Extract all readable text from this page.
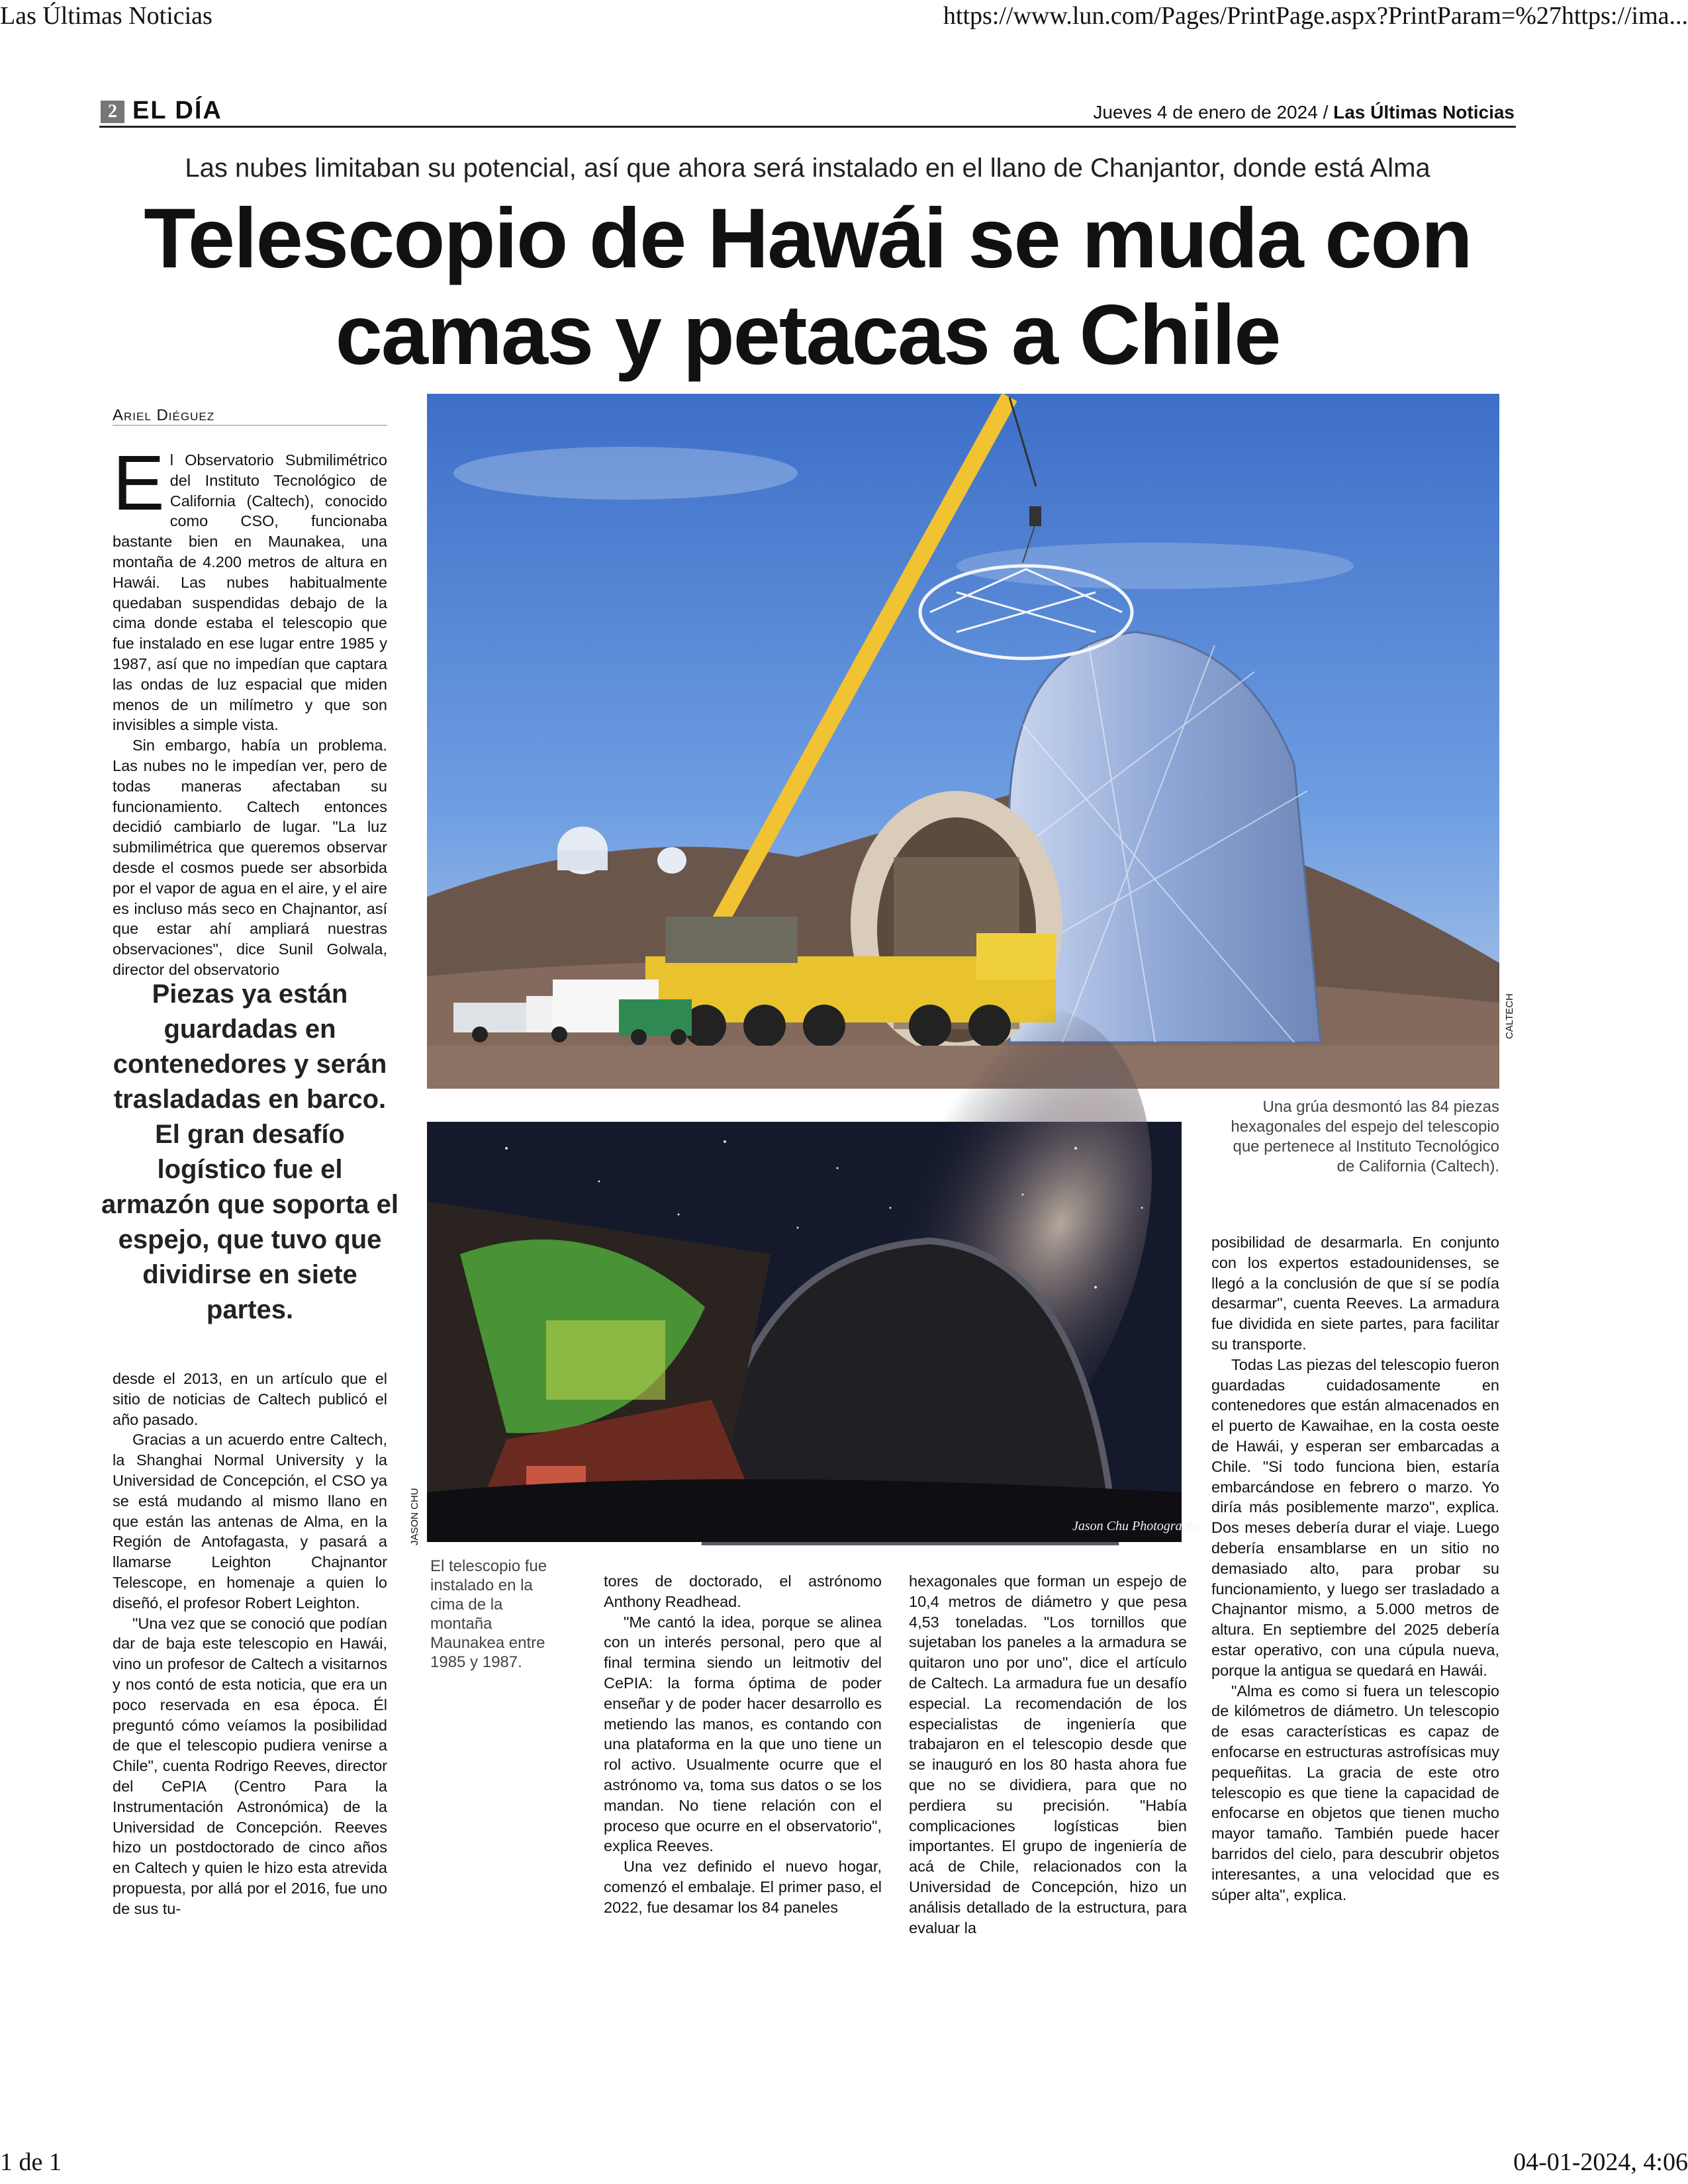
Las Últimas Noticias	https://www.lun.com/Pages/PrintPage.aspx?PrintParam=%27https://ima...
2 EL DÍA	Jueves 4 de enero de 2024 / Las Últimas Noticias
Las nubes limitaban su potencial, así que ahora será instalado en el llano de Chanjantor, donde está Alma
Telescopio de Hawái se muda con
camas y petacas a Chile
Ariel Diéguez

El Observatorio Submilimétrico del Instituto Tecnológico de California (Caltech), conocido como CSO, funcionaba bastante bien en Maunakea, una montaña de 4.200 metros de altura en Hawái. Las nubes habitualmente quedaban suspendidas debajo de la cima donde estaba el telescopio que fue instalado en ese lugar entre 1985 y 1987, así que no impedían que captara las ondas de luz espacial que miden menos de un milímetro y que son invisibles a simple vista.

Sin embargo, había un problema. Las nubes no le impedían ver, pero de todas maneras afectaban su funcionamiento. Caltech entonces decidió cambiarlo de lugar. "La luz submilimétrica que queremos observar desde el cosmos puede ser absorbida por el vapor de agua en el aire, y el aire es incluso más seco en Chajnantor, así que estar ahí ampliará nuestras observaciones", dice Sunil Golwala, director del observatorio

Piezas ya están guardadas en contenedores y serán trasladadas en barco. El gran desafío logístico fue el armazón que soporta el espejo, que tuvo que dividirse en siete partes.

desde el 2013, en un artículo que el sitio de noticias de Caltech publicó el año pasado.

Gracias a un acuerdo entre Caltech, la Shanghai Normal University y la Universidad de Concepción, el CSO ya se está mudando al mismo llano en que están las antenas de Alma, en la Región de Antofagasta, y pasará a llamarse Leighton Chajnantor Telescope, en homenaje a quien lo diseñó, el profesor Robert Leighton.

"Una vez que se conoció que podían dar de baja este telescopio en Hawái, vino un profesor de Caltech a visitarnos y nos contó de esta noticia, que era un poco reservada en esa época. Él preguntó cómo veíamos la posibilidad de que el telescopio pudiera venirse a Chile", cuenta Rodrigo Reeves, director del CePIA (Centro Para la Instrumentación Astronómica) de la Universidad de Concepción. Reeves hizo un postdoctorado de cinco años en Caltech y quien le hizo esta atrevida propuesta, por allá por el 2016, fue uno de sus tu-

CALTECH
Una grúa desmontó las 84 piezas hexagonales del espejo del telescopio que pertenece al Instituto Tecnológico de California (Caltech).
Jason Chu Photography
JASON CHU
El telescopio fue instalado en la cima de la montaña Maunakea entre 1985 y 1987.

tores de doctorado, el astrónomo Anthony Readhead.

"Me cantó la idea, porque se alinea con un interés personal, pero que al final termina siendo un leitmotiv del CePIA: la forma óptima de poder enseñar y de poder hacer desarrollo es metiendo las manos, es contando con una plataforma en la que uno tiene un rol activo. Usualmente ocurre que el astrónomo va, toma sus datos o se los mandan. No tiene relación con el proceso que ocurre en el observatorio", explica Reeves.

Una vez definido el nuevo hogar, comenzó el embalaje. El primer paso, el 2022, fue desamar los 84 paneles

hexagonales que forman un espejo de 10,4 metros de diámetro y que pesa 4,53 toneladas. "Los tornillos que sujetaban los paneles a la armadura se quitaron uno por uno", dice el artículo de Caltech. La armadura fue un desafío especial. La recomendación de los especialistas de ingeniería que trabajaron en el telescopio desde que se inauguró en los 80 hasta ahora fue que no se dividiera, para que no perdiera su precisión. "Había complicaciones logísticas bien importantes. El grupo de ingeniería de acá de Chile, relacionados con la Universidad de Concepción, hizo un análisis detallado de la estructura, para evaluar la

posibilidad de desarmarla. En conjunto con los expertos estadounidenses, se llegó a la conclusión de que sí se podía desarmar", cuenta Reeves. La armadura fue dividida en siete partes, para facilitar su transporte.

Todas Las piezas del telescopio fueron guardadas cuidadosamente en contenedores que están almacenados en el puerto de Kawaihae, en la costa oeste de Hawái, y esperan ser embarcadas a Chile. "Si todo funciona bien, estaría embarcándose en febrero o marzo. Yo diría más posiblemente marzo", explica. Dos meses debería durar el viaje. Luego debería ensamblarse en un sitio no demasiado alto, para probar su funcionamiento, y luego ser trasladado a Chajnantor mismo, a 5.000 metros de altura. En septiembre del 2025 debería estar operativo, con una cúpula nueva, porque la antigua se quedará en Hawái.

"Alma es como si fuera un telescopio de kilómetros de diámetro. Un telescopio de esas características es capaz de enfocarse en estructuras astrofísicas muy pequeñitas. La gracia de este otro telescopio es que tiene la capacidad de enfocarse en objetos que tienen mucho mayor tamaño. También puede hacer barridos del cielo, para descubrir objetos interesantes, a una velocidad que es súper alta", explica.

1 de 1	04-01-2024, 4:06
